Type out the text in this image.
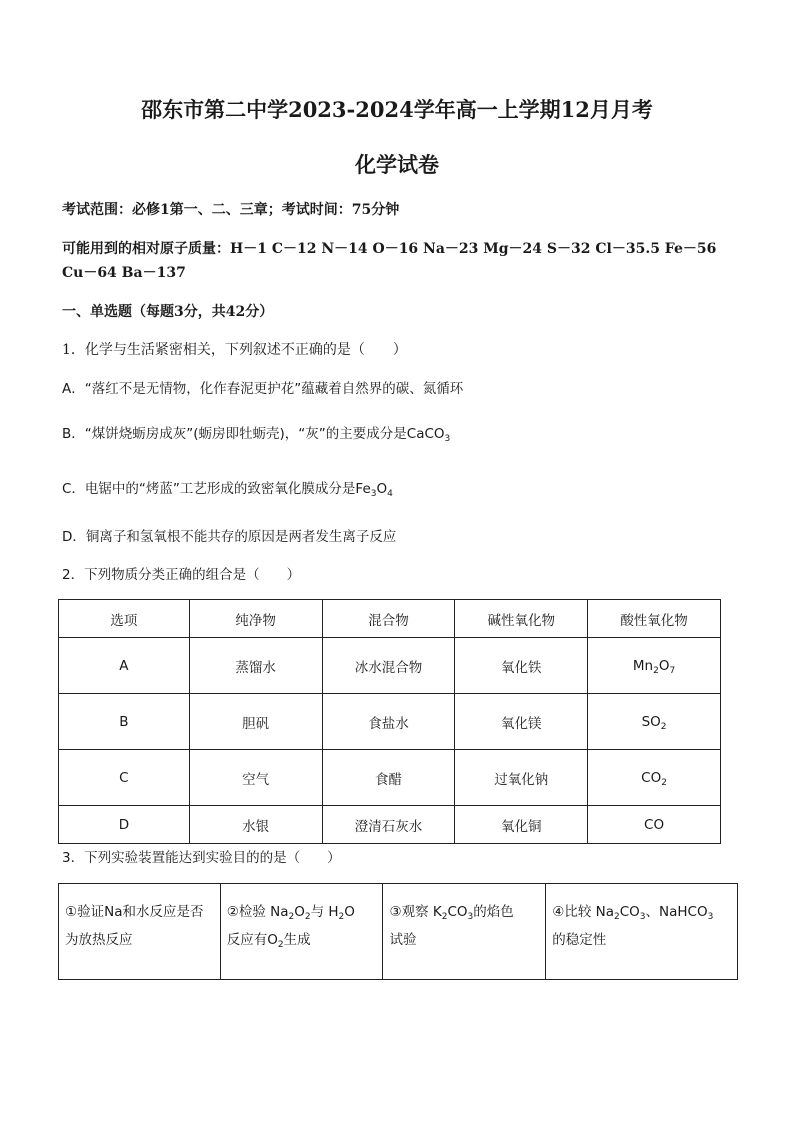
邵东市第二中学2023-2024学年高一上学期12月月考
化学试卷
考试范围：必修1第一、二、三章；考试时间：75分钟
可能用到的相对原子质量：H－1 C－12 N－14 O－16 Na－23 Mg－24 S－32 Cl－35.5 Fe－56
Cu－64 Ba－137
一、单选题（每题3分，共42分）
1．化学与生活紧密相关，下列叙述不正确的是（　　）
A．“落红不是无情物，化作春泥更护花”蕴藏着自然界的碳、氮循环
B．“煤饼烧蛎房成灰”(蛎房即牡蛎壳)，“灰”的主要成分是CaCO$_3$
C．电锯中的“烤蓝”工艺形成的致密氧化膜成分是$Fe_3O_4$
D．铜离子和氢氧根不能共存的原因是两者发生离子反应
2．下列物质分类正确的组合是（　　）
选项	纯净物	混合物	碱性氧化物	酸性氧化物
A	蒸馏水	冰水混合物	氧化铁	$Mn_2O_7$
B	胆矾	食盐水	氧化镁	$SO_2$
C	空气	食醋	过氧化钠	$CO_2$
D	水银	澄清石灰水	氧化铜	CO
3．下列实验装置能达到实验目的的是（　　）
①验证Na和水反应是否
为放热反应

②检验 $Na_2O_2$与 $H_2O$
反应有$O_2$生成

③观察 $K_2CO_3$的焰色
试验

④比较 $Na_2CO_3$、NaHCO$_3$
的稳定性
